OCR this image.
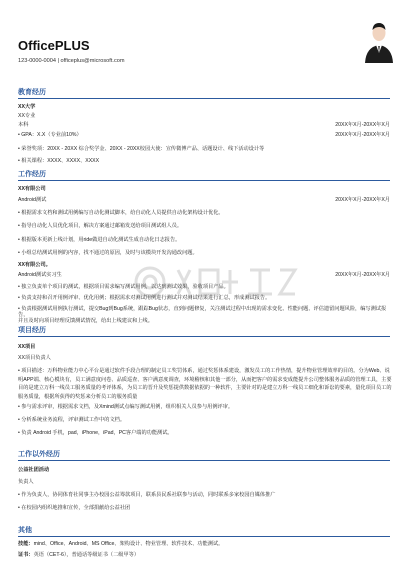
OfficePLUS
123-0000-0004 | officeplus@microsoft.com
教育经历
XX大学
XX专业
本科	20XX年X月-20XX年X月
• GPA：X.X（专业前10%）	20XX年X月-20XX年X月
• 荣誉奖项：20XX - 20XX 综合奖学金、20XX - 20XX校园大使：宣传微博产品、话题设计、线下活动设计等
• 相关课程：XXXX、XXXX、XXXX
工作经历
XX有限公司
Android测试	20XX年X月-20XX年X月
• 根据需求文档和测试用例编写自动化测试脚本，给自动化人员提供自动化架构设计优化。
• 指导自动化人员优化项目，解决方案通过邮箱发送给项目测试组人员。
• 根据版本更新上线计划，用ride做进自动化测试生成自动化日志报告。
• 小组总结测试用例的内容，找不通过的原因，及时与该模块开发沟通改问题。
XX有限公司。
Android测试实习生	20XX年X月-20XX年X月
• 独立负责单个项目的测试，根据项目需求编写测试用例，以达到测试效果，验收项目产品。
• 负责支持和召开用例评审、优化用例；根据需求对测试用例进行测试并对测试结果进行汇总，形成测试报告。
• 负责根据测试用例执行测试，提交Bug到Bug系统，跟踪Bug状态，直到问题修复，关注测试过程中出现的需求变化、性能问题、评估遗留问题风险，编写测试报告，
并且及时向项目经理反馈测试情况，给出上线建议和上线。
项目经历
XX项目
XX项目负责人
• 项目描述：万科物业能力中心平台是通过软件手段合理的制定员工奖罚体系，通过奖惩体系建设，激发员工的工作热情，提升物业管理效率的目的。分为Web、说明APP端、核心模块有，员工满意度问卷、品质巡查、客户满意度调查，环境稽核和其他一部分，从而把客户的需求变成能提升公司整体服务品质的管理工具，主要目的是建立万科一线员工服务质量的考评体系，为员工的晋升及奖惩提供数据依据的一种软件，主要针对的是建立万科一线员工细化和诉讼的要素，量化项目员工的服务质量，根据所获得的奖惩来分析员工的服务质量
• 参与需求评审，根据需求文档，及Xmind测试点编写测试用例，组织相关人员参与用例评审。
• 分析系统业务流程，评审测试工作中的文档。
• 负责 Android 手机，pad，iPhone，iPad，PC客户端的功能测试。
工作以外经历
公益社团活动
负责人
• 作为负责人，协同体育社同事主办校园公益筹款项目，联系县民系社联参与活动，同时联系多家校园自媒体推广
• 在校园内组织地推和宣传，全部捐献给公益社团
其他
技能：mind、Office、Android、MS Office、架构设计、物业管理、软件技术、功能测试。
证书：英语（CET-6），普通话等级证书（二级甲等）
